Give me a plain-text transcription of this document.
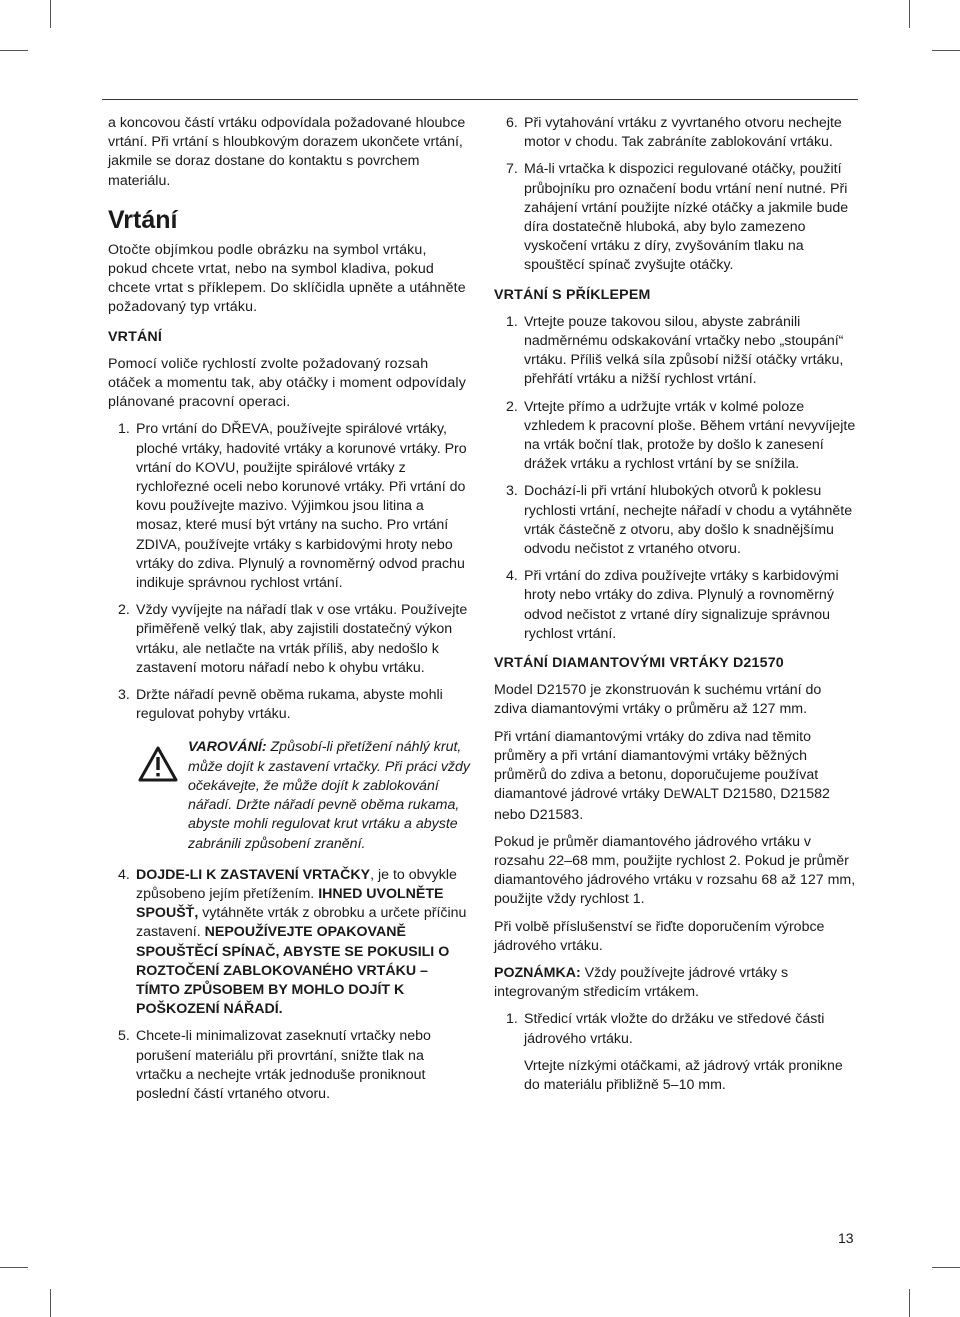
a koncovou částí vrtáku odpovídala požadované hloubce vrtání. Při vrtání s hloubkovým dorazem ukončete vrtání, jakmile se doraz dostane do kontaktu s povrchem materiálu.

Vrtání

Otočte objímkou podle obrázku na symbol vrtáku, pokud chcete vrtat, nebo na symbol kladiva, pokud chcete vrtat s příklepem. Do sklíčidla upněte a utáhněte požadovaný typ vrtáku.

VRTÁNÍ

Pomocí voliče rychlostí zvolte požadovaný rozsah otáček a momentu tak, aby otáčky i moment odpovídaly plánované pracovní operaci.

1. Pro vrtání do DŘEVA, používejte spirálové vrtáky, ploché vrtáky, hadovité vrtáky a korunové vrtáky. Pro vrtání do KOVU, použijte spirálové vrtáky z rychlořezné oceli nebo korunové vrtáky. Při vrtání do kovu používejte mazivo. Výjimkou jsou litina a mosaz, které musí být vrtány na sucho. Pro vrtání ZDIVA, používejte vrtáky s karbidovými hroty nebo vrtáky do zdiva. Plynulý a rovnoměrný odvod prachu indikuje správnou rychlost vrtání.
2. Vždy vyvíjejte na nářadí tlak v ose vrtáku. Používejte přiměřeně velký tlak, aby zajistili dostatečný výkon vrtáku, ale netlačte na vrták příliš, aby nedošlo k zastavení motoru nářadí nebo k ohybu vrtáku.
3. Držte nářadí pevně oběma rukama, abyste mohli regulovat pohyby vrtáku.
VAROVÁNÍ: Způsobí-li přetížení náhlý krut, může dojít k zastavení vrtačky. Při práci vždy očekávejte, že může dojít k zablokování nářadí. Držte nářadí pevně oběma rukama, abyste mohli regulovat krut vrtáku a abyste zabránili způsobení zranění.
4. DOJDE-LI K ZASTAVENÍ VRTAČKY, je to obvykle způsobeno jejím přetížením. IHNED UVOLNĚTE SPOUŠŤ, vytáhněte vrták z obrobku a určete příčinu zastavení. NEPOUŽÍVEJTE OPAKOVANĚ SPOUŠTĚCÍ SPÍNAČ, ABYSTE SE POKUSILI O ROZTOČENÍ ZABLOKOVANÉHO VRTÁKU – TÍMTO ZPŮSOBEM BY MOHLO DOJÍT K POŠKOZENÍ NÁŘADÍ.
5. Chcete-li minimalizovat zaseknutí vrtačky nebo porušení materiálu při provrtání, snižte tlak na vrtačku a nechejte vrták jednoduše proniknout poslední částí vrtaného otvoru.
6. Při vytahování vrtáku z vyvrtaného otvoru nechejte motor v chodu. Tak zabráníte zablokování vrtáku.
7. Má-li vrtačka k dispozici regulované otáčky, použití průbojníku pro označení bodu vrtání není nutné. Při zahájení vrtání použijte nízké otáčky a jakmile bude díra dostatečně hluboká, aby bylo zamezeno vyskočení vrtáku z díry, zvyšováním tlaku na spouštěcí spínač zvyšujte otáčky.
VRTÁNÍ S PŘÍKLEPEM
1. Vrtejte pouze takovou silou, abyste zabránili nadměrnému odskakování vrtačky nebo „stoupání“ vrtáku. Příliš velká síla způsobí nižší otáčky vrtáku, přehřátí vrtáku a nižší rychlost vrtání.
2. Vrtejte přímo a udržujte vrták v kolmé poloze vzhledem k pracovní ploše. Během vrtání nevyvíjejte na vrták boční tlak, protože by došlo k zanesení drážek vrtáku a rychlost vrtání by se snížila.
3. Dochází-li při vrtání hlubokých otvorů k poklesu rychlosti vrtání, nechejte nářadí v chodu a vytáhněte vrták částečně z otvoru, aby došlo k snadnějšímu odvodu nečistot z vrtaného otvoru.
4. Při vrtání do zdiva používejte vrtáky s karbidovými hroty nebo vrtáky do zdiva. Plynulý a rovnoměrný odvod nečistot z vrtané díry signalizuje správnou rychlost vrtání.
VRTÁNÍ DIAMANTOVÝMI VRTÁKY D21570

Model D21570 je zkonstruován k suchému vrtání do zdiva diamantovými vrtáky o průměru až 127 mm.

Při vrtání diamantovými vrtáky do zdiva nad těmito průměry a při vrtání diamantovými vrtáky běžných průměrů do zdiva a betonu, doporučujeme používat diamantové jádrové vrtáky DEWALT D21580, D21582 nebo D21583.

Pokud je průměr diamantového jádrového vrtáku v rozsahu 22–68 mm, použijte rychlost 2. Pokud je průměr diamantového jádrového vrtáku v rozsahu 68 až 127 mm, použijte vždy rychlost 1.

Při volbě příslušenství se řiďte doporučením výrobce jádrového vrtáku.

POZNÁMKA: Vždy používejte jádrové vrtáky s integrovaným středicím vrtákem.

1. Středicí vrták vložte do držáku ve středové části jádrového vrtáku.

Vrtejte nízkými otáčkami, až jádrový vrták pronikne do materiálu přibližně 5–10 mm.

13
